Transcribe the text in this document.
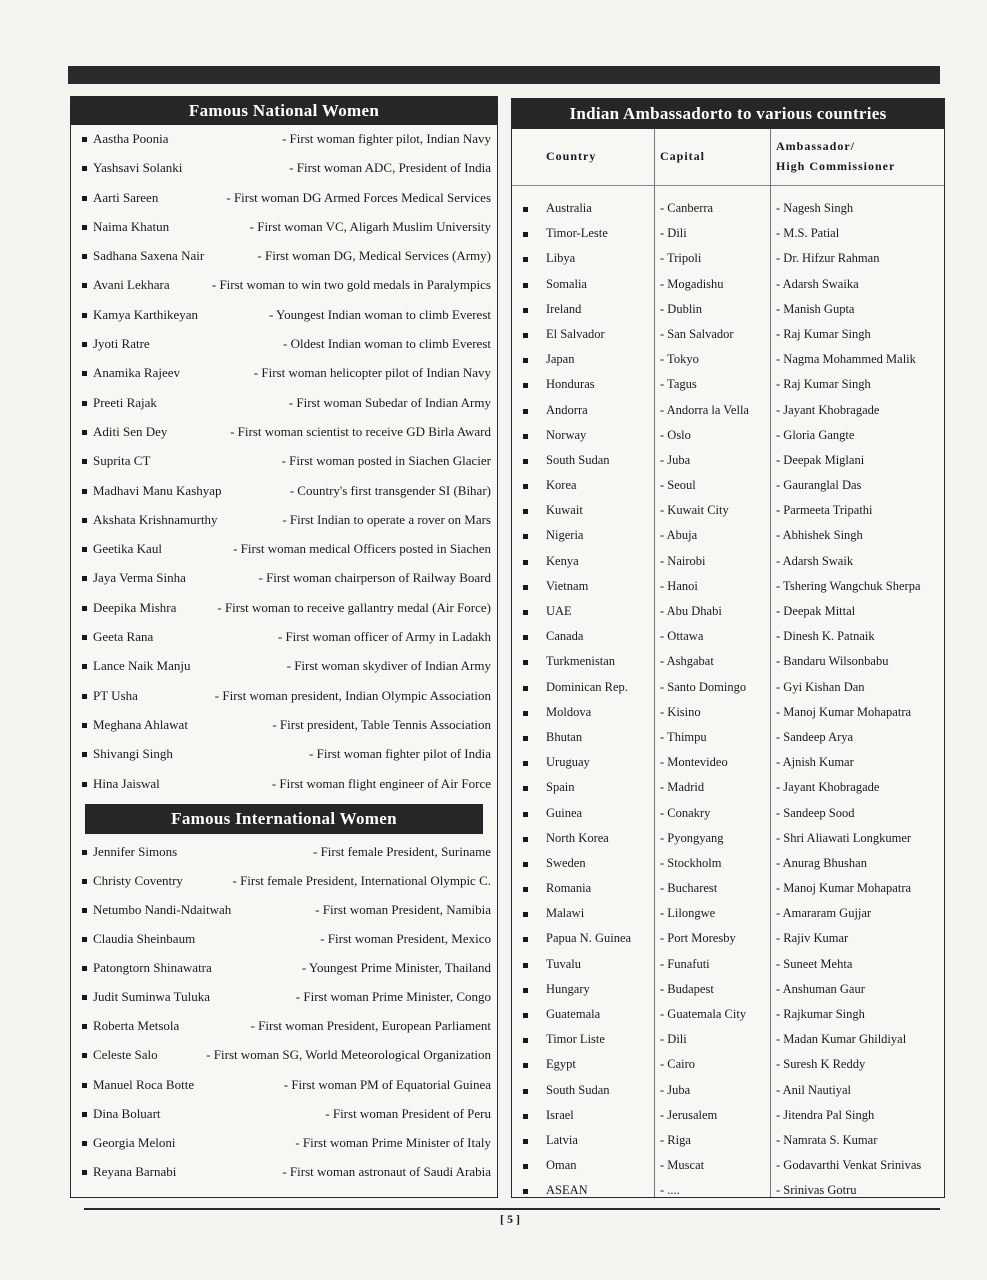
Famous National Women
Aastha Poonia	- First woman fighter pilot, Indian Navy
Yashsavi Solanki	- First woman ADC, President of India
Aarti Sareen	- First woman DG Armed Forces Medical Services
Naima Khatun	- First woman VC, Aligarh Muslim University
Sadhana Saxena Nair	- First woman DG, Medical Services (Army)
Avani Lekhara	- First woman to win two gold medals in Paralympics
Kamya Karthikeyan	- Youngest Indian woman to climb Everest
Jyoti Ratre	- Oldest Indian woman to climb Everest
Anamika Rajeev	- First woman helicopter pilot of Indian Navy
Preeti Rajak	- First woman Subedar of Indian Army
Aditi Sen Dey	- First woman scientist to receive GD Birla Award
Suprita CT	- First woman posted in Siachen Glacier
Madhavi Manu Kashyap	- Country's first transgender SI (Bihar)
Akshata Krishnamurthy	- First Indian to operate a rover on Mars
Geetika Kaul	- First woman medical Officers posted in Siachen
Jaya Verma Sinha	- First woman chairperson of Railway Board
Deepika Mishra	- First woman to receive gallantry medal (Air Force)
Geeta Rana	- First woman officer of Army in Ladakh
Lance Naik Manju	- First woman skydiver of Indian Army
PT Usha	- First woman president, Indian Olympic Association
Meghana Ahlawat	- First president, Table Tennis Association
Shivangi Singh	- First woman fighter pilot of India
Hina Jaiswal	- First woman flight engineer of Air Force
Famous International Women
Jennifer Simons	- First female President, Suriname
Christy Coventry	- First female President, International Olympic C.
Netumbo Nandi-Ndaitwah	- First woman President, Namibia
Claudia Sheinbaum	- First woman President, Mexico
Patongtorn Shinawatra	- Youngest Prime Minister, Thailand
Judit Suminwa Tuluka	- First woman Prime Minister, Congo
Roberta Metsola	- First woman President, European Parliament
Celeste Salo	- First woman SG, World Meteorological Organization
Manuel Roca Botte	- First woman PM of Equatorial Guinea
Dina Boluart	- First woman President of Peru
Georgia Meloni	- First woman Prime Minister of Italy
Reyana Barnabi	- First woman astronaut of Saudi Arabia
Indian Ambassadorto to various countries
Country	Capital
Ambassador/
High Commissioner
Australia	- Canberra	- Nagesh Singh
Timor-Leste	- Dili	- M.S. Patial
Libya	- Tripoli	- Dr. Hifzur Rahman
Somalia	- Mogadishu	- Adarsh Swaika
Ireland	- Dublin	- Manish Gupta
El Salvador	- San Salvador	- Raj Kumar Singh
Japan	- Tokyo	- Nagma Mohammed Malik
Honduras	- Tagus	- Raj Kumar Singh
Andorra	- Andorra la Vella	- Jayant Khobragade
Norway	- Oslo	- Gloria Gangte
South Sudan	- Juba	- Deepak Miglani
Korea	- Seoul	- Gauranglal Das
Kuwait	- Kuwait City	- Parmeeta Tripathi
Nigeria	- Abuja	- Abhishek Singh
Kenya	- Nairobi	- Adarsh Swaik
Vietnam	- Hanoi	- Tshering Wangchuk Sherpa
UAE	- Abu Dhabi	- Deepak Mittal
Canada	- Ottawa	- Dinesh K. Patnaik
Turkmenistan	- Ashgabat	- Bandaru Wilsonbabu
Dominican Rep.	- Santo Domingo	- Gyi Kishan Dan
Moldova	- Kisino	- Manoj Kumar Mohapatra
Bhutan	- Thimpu	- Sandeep Arya
Uruguay	- Montevideo	- Ajnish Kumar
Spain	- Madrid	- Jayant Khobragade
Guinea	- Conakry	- Sandeep Sood
North Korea	- Pyongyang	- Shri Aliawati Longkumer
Sweden	- Stockholm	- Anurag Bhushan
Romania	- Bucharest	- Manoj Kumar Mohapatra
Malawi	- Lilongwe	- Amararam Gujjar
Papua N. Guinea	- Port Moresby	- Rajiv Kumar
Tuvalu	- Funafuti	- Suneet Mehta
Hungary	- Budapest	- Anshuman Gaur
Guatemala	- Guatemala City	- Rajkumar Singh
Timor Liste	- Dili	- Madan Kumar Ghildiyal
Egypt	- Cairo	- Suresh K Reddy
South Sudan	- Juba	- Anil Nautiyal
Israel	- Jerusalem	- Jitendra Pal Singh
Latvia	- Riga	- Namrata S. Kumar
Oman	- Muscat	- Godavarthi Venkat Srinivas
ASEAN	- ....	- Srinivas Gotru
[ 5 ]
